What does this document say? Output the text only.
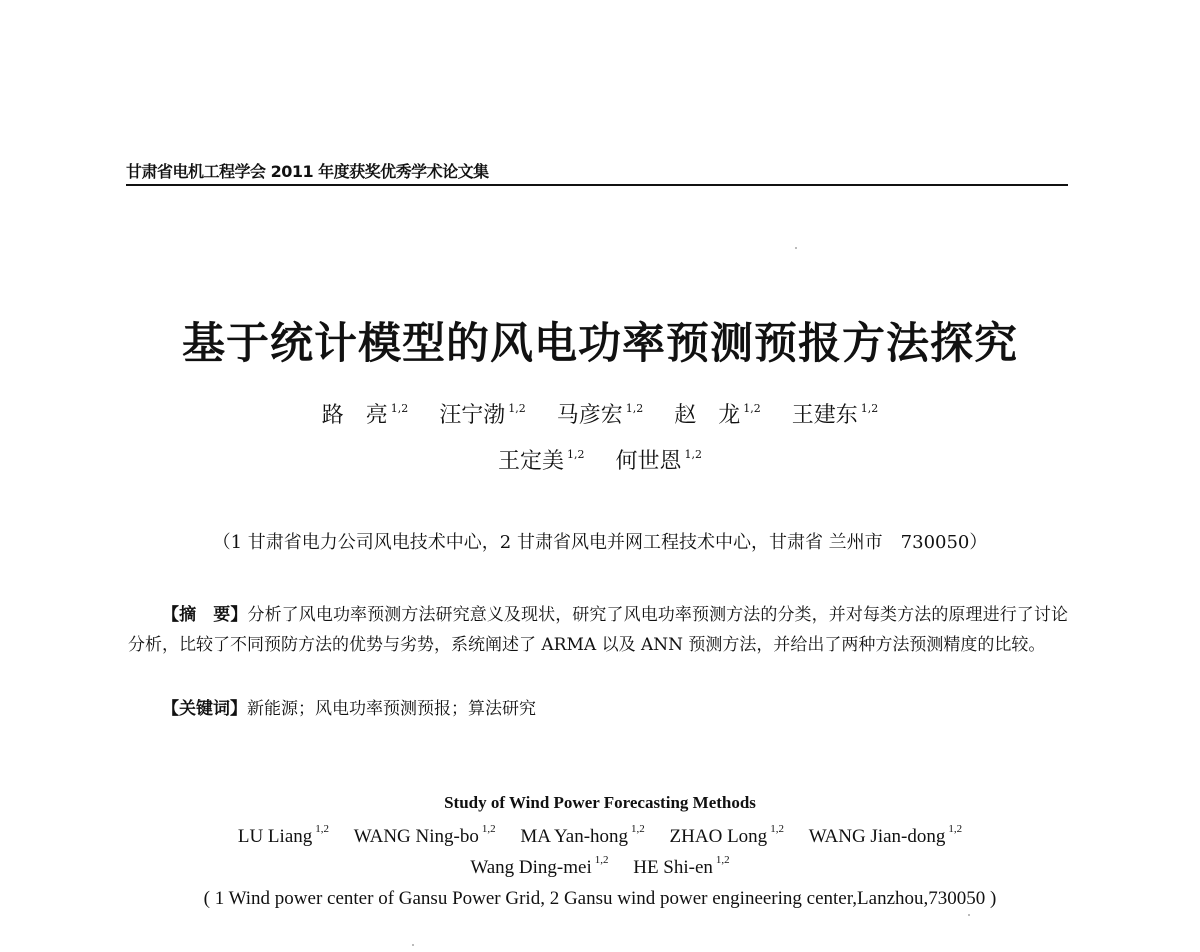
甘肃省电机工程学会 2011 年度获奖优秀学术论文集
基于统计模型的风电功率预测预报方法探究
路　亮 $^{1,2}$ 汪宁渤 $^{1,2}$ 马彦宏 $^{1,2}$ 赵　龙 $^{1,2}$ 王建东 $^{1,2}$
王定美 $^{1,2}$ 何世恩 $^{1,2}$
（1 甘肃省电力公司风电技术中心，2 甘肃省风电并网工程技术中心，甘肃省 兰州市　730050）
【摘　要】分析了风电功率预测方法研究意义及现状，研究了风电功率预测方法的分类，并对每类方法的原理进行了讨论分析，比较了不同预防方法的优势与劣势，系统阐述了 ARMA 以及 ANN 预测方法，并给出了两种方法预测精度的比较。
【关键词】新能源；风电功率预测预报；算法研究
Study of Wind Power Forecasting Methods
LU Liang $^{1,2}$ WANG Ning-bo $^{1,2}$ MA Yan-hong $^{1,2}$ ZHAO Long $^{1,2}$ WANG Jian-dong $^{1,2}$
Wang Ding-mei $^{1,2}$ HE Shi-en $^{1,2}$
( 1 Wind power center of Gansu Power Grid, 2 Gansu wind power engineering center,Lanzhou,730050 )
